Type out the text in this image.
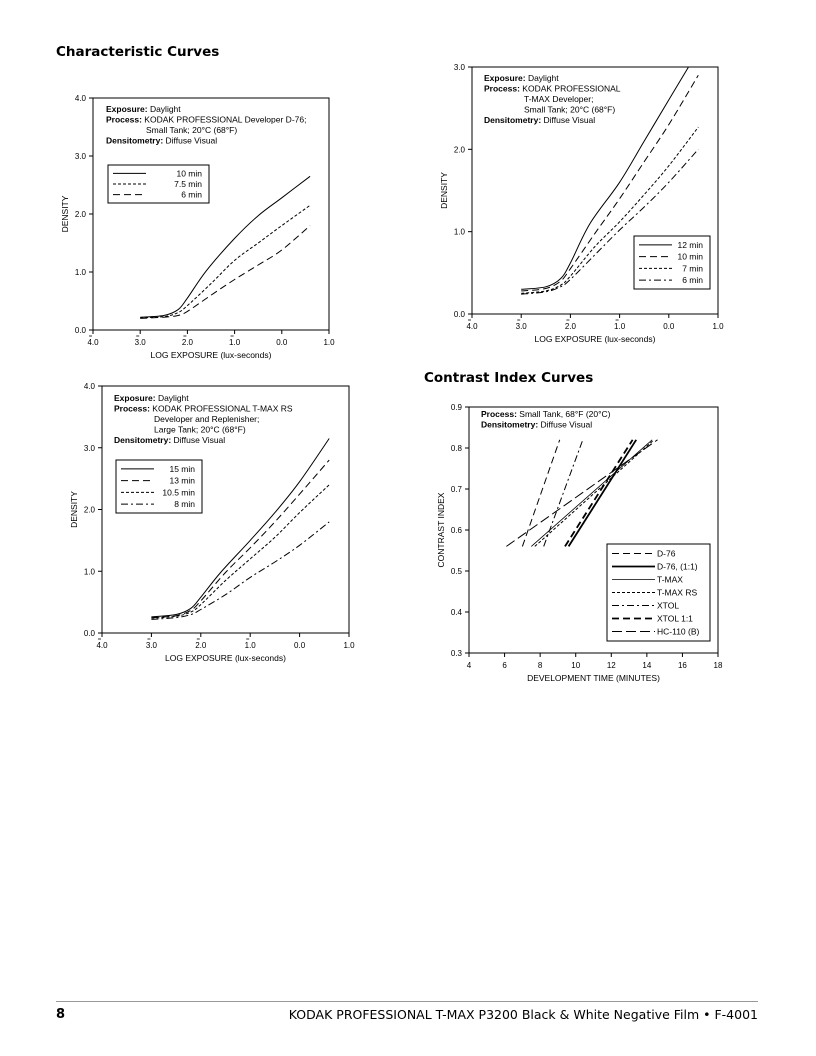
Characteristic Curves
Contrast Index Curves
0.0
1.0
2.0
3.0
4.0
4.0	3.0	2.0	1.0	0.0	1.0
LOG EXPOSURE (lux-seconds)
DENSITY
Exposure: Daylight
Process: KODAK PROFESSIONAL Developer D-76;
Small Tank; 20°C (68°F)
Densitometry: Diffuse Visual
10 min
7.5 min
6 min
0.0
1.0
2.0
3.0
4.0	3.0	2.0	1.0	0.0	1.0
LOG EXPOSURE (lux-seconds)
DENSITY
Exposure: Daylight
Process: KODAK PROFESSIONAL
T-MAX Developer;
Small Tank; 20°C (68°F)
Densitometry: Diffuse Visual
12 min
10 min
7 min
6 min
0.0
1.0
2.0
3.0
4.0
4.0	3.0	2.0	1.0	0.0	1.0
LOG EXPOSURE (lux-seconds)
DENSITY
Exposure: Daylight
Process: KODAK PROFESSIONAL T-MAX RS
Developer and Replenisher;
Large Tank; 20°C (68°F)
Densitometry: Diffuse Visual
15 min
13 min
10.5 min
8 min
0.3
0.4
0.5
0.6
0.7
0.8
0.9
4	6	8	10	12	14	16	18
DEVELOPMENT TIME (MINUTES)
CONTRAST INDEX
Process: Small Tank, 68°F (20°C)
Densitometry: Diffuse Visual
D-76
D-76, (1:1)
T-MAX
T-MAX RS
XTOL
XTOL 1:1
HC-110 (B)
8	KODAK PROFESSIONAL T-MAX P3200 Black & White Negative Film • F-4001
